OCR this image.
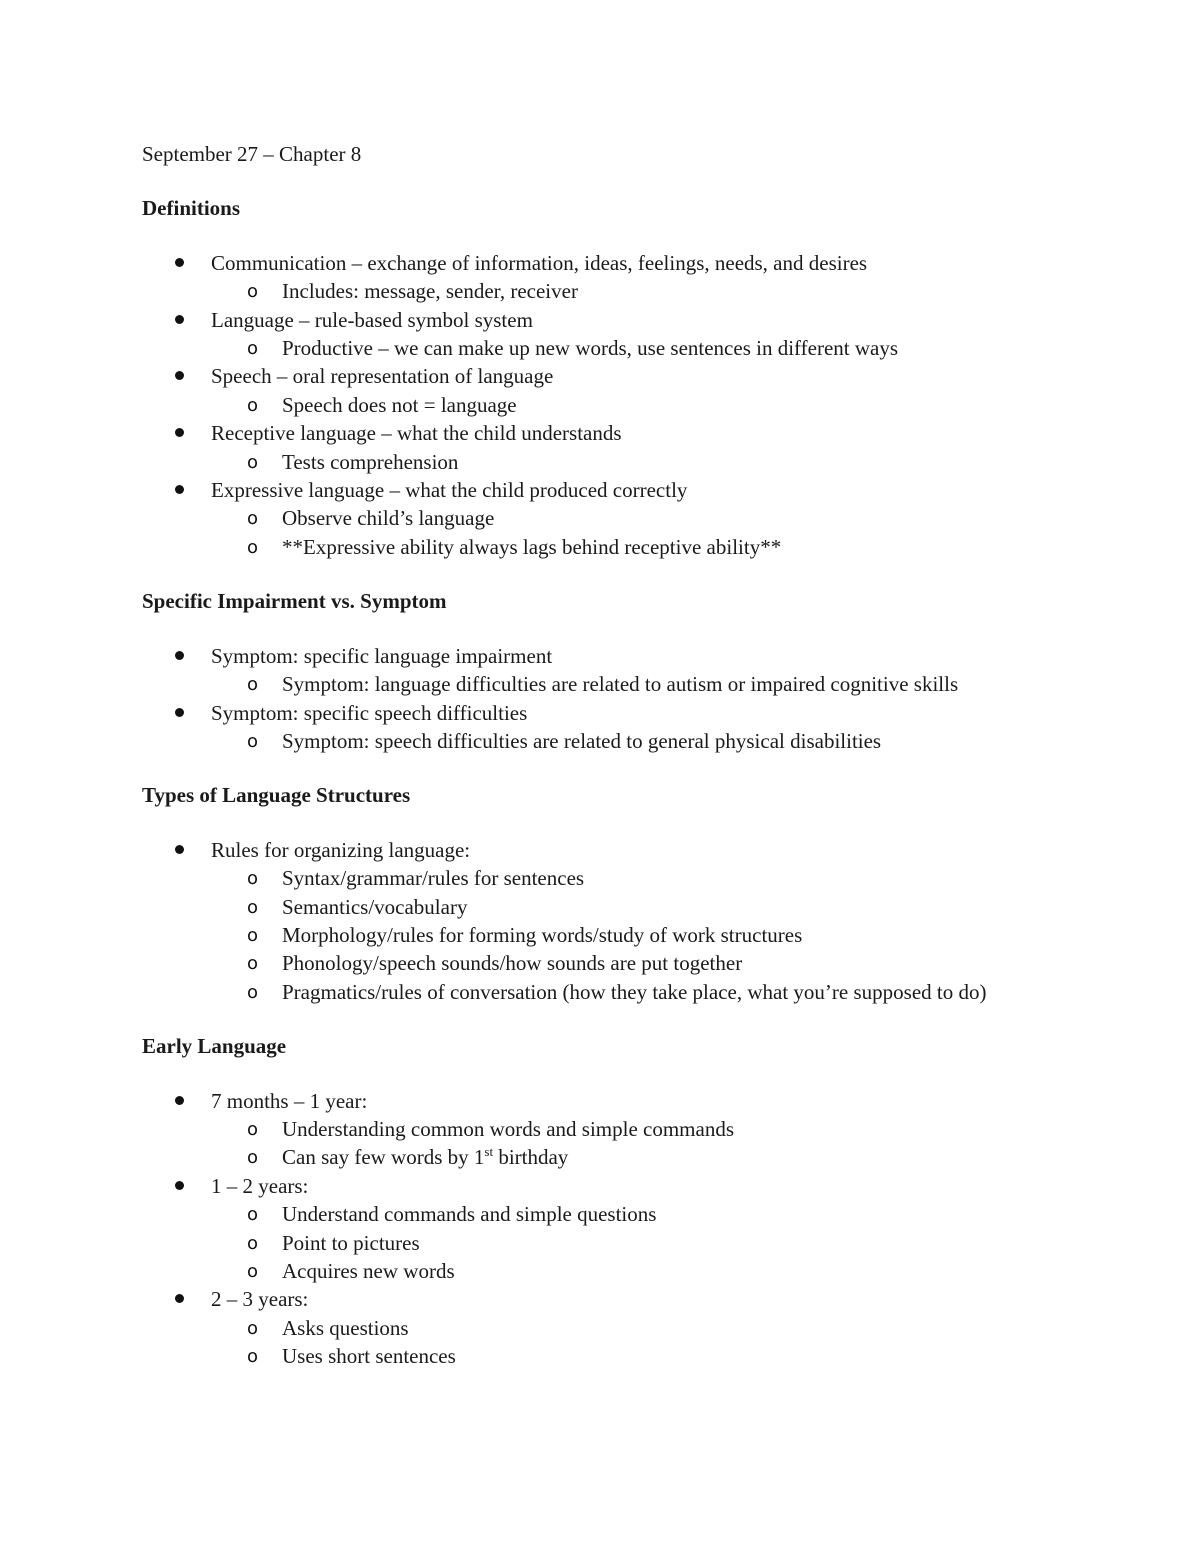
September 27 – Chapter 8

Definitions

Communication – exchange of information, ideas, feelings, needs, and desires
o Includes: message, sender, receiver
Language – rule-based symbol system
o Productive – we can make up new words, use sentences in different ways
Speech – oral representation of language
o Speech does not = language
Receptive language – what the child understands
o Tests comprehension
Expressive language – what the child produced correctly
o Observe child’s language
o **Expressive ability always lags behind receptive ability**

Specific Impairment vs. Symptom

Symptom: specific language impairment
o Symptom: language difficulties are related to autism or impaired cognitive skills
Symptom: specific speech difficulties
o Symptom: speech difficulties are related to general physical disabilities

Types of Language Structures

Rules for organizing language:
o Syntax/grammar/rules for sentences
o Semantics/vocabulary
o Morphology/rules for forming words/study of work structures
o Phonology/speech sounds/how sounds are put together
o Pragmatics/rules of conversation (how they take place, what you’re supposed to do)

Early Language

7 months – 1 year:
o Understanding common words and simple commands
o Can say few words by 1st birthday
1 – 2 years:
o Understand commands and simple questions
o Point to pictures
o Acquires new words
2 – 3 years:
o Asks questions
o Uses short sentences
